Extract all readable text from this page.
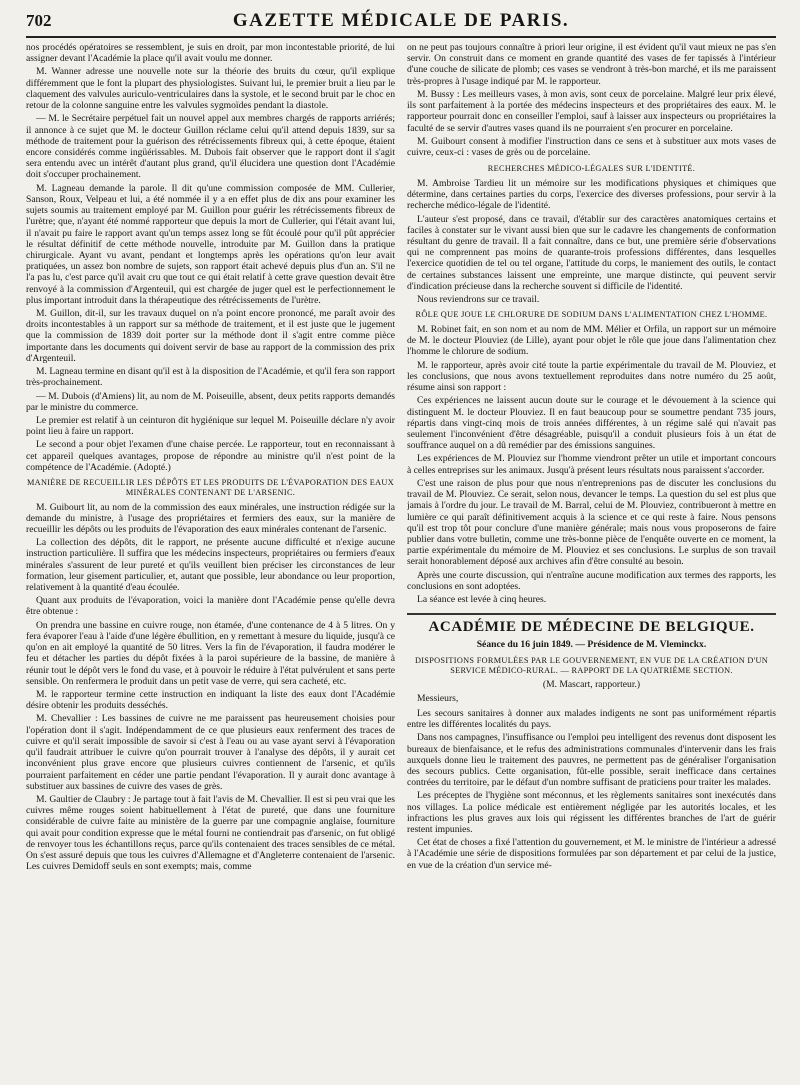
702	GAZETTE MÉDICALE DE PARIS.

nos procédés opératoires se ressemblent, je suis en droit, par mon incontestable priorité, de lui assigner devant l'Académie la place qu'il avait voulu me donner.

M. Wanner adresse une nouvelle note sur la théorie des bruits du cœur, qu'il explique différemment que le font la plupart des physiologistes. Suivant lui, le premier bruit a lieu par le claquement des valvules auriculo-ventriculaires dans la systole, et le second bruit par le choc en retour de la colonne sanguine entre les valvules sygmoïdes pendant la diastole.

— M. le Secrétaire perpétuel fait un nouvel appel aux membres chargés de rapports arriérés; il annonce à ce sujet que M. le docteur Guillon réclame celui qu'il attend depuis 1839, sur sa méthode de traitement pour la guérison des rétrécissements fibreux qui, à cette époque, étaient encore considérés comme ingüérissables. M. Dubois fait observer que le rapport dont il s'agit sera entendu avec un intérêt d'autant plus grand, qu'il élucidera une question dont l'Académie doit s'occuper prochainement.

M. Lagneau demande la parole. Il dit qu'une commission composée de MM. Cullerier, Sanson, Roux, Velpeau et lui, a été nommée il y a en effet plus de dix ans pour examiner les sujets soumis au traitement employé par M. Guillon pour guérir les rétrécissements fibreux de l'urètre; que, n'ayant été nommé rapporteur que depuis la mort de Cullerier, qui l'était avant lui, il n'avait pu faire le rapport avant qu'un temps assez long se fût écoulé pour qu'il pût apprécier le résultat définitif de cette méthode nouvelle, introduite par M. Guillon dans la pratique chirurgicale. Ayant vu avant, pendant et longtemps après les opérations qu'on leur avait pratiquées, un assez bon nombre de sujets, son rapport était achevé depuis plus d'un an. S'il ne l'a pas lu, c'est parce qu'il avait cru que tout ce qui était relatif à cette grave question devait être renvoyé à la commission d'Argenteuil, qui est chargée de juger quel est le perfectionnement le plus important introduit dans la thérapeutique des rétrécissements de l'urètre.

M. Guillon, dit-il, sur les travaux duquel on n'a point encore prononcé, me paraît avoir des droits incontestables à un rapport sur sa méthode de traitement, et il est juste que le jugement que la commission de 1839 doit porter sur la méthode dont il s'agit entre comme pièce importante dans les documents qui doivent servir de base au rapport de la commission des prix d'Argenteuil.

M. Lagneau termine en disant qu'il est à la disposition de l'Académie, et qu'il fera son rapport très-prochainement.

— M. Dubois (d'Amiens) lit, au nom de M. Poiseuille, absent, deux petits rapports demandés par le ministre du commerce.

Le premier est relatif à un ceinturon dit hygiénique sur lequel M. Poiseuille déclare n'y avoir point lieu à faire un rapport.

Le second a pour objet l'examen d'une chaise percée. Le rapporteur, tout en reconnaissant à cet appareil quelques avantages, propose de répondre au ministre qu'il n'est point de la compétence de l'Académie. (Adopté.)

MANIÈRE DE RECUEILLIR LES DÉPÔTS ET LES PRODUITS DE L'ÉVAPORATION DES EAUX MINÉRALES CONTENANT DE L'ARSENIC.

M. Guibourt lit, au nom de la commission des eaux minérales, une instruction rédigée sur la demande du ministre, à l'usage des propriétaires et fermiers des eaux, sur la manière de recueillir les dépôts ou les produits de l'évaporation des eaux minérales contenant de l'arsenic.

La collection des dépôts, dit le rapport, ne présente aucune difficulté et n'exige aucune instruction particulière. Il suffira que les médecins inspecteurs, propriétaires ou fermiers d'eaux minérales s'assurent de leur pureté et qu'ils veuillent bien préciser les circonstances de leur formation, leur gisement particulier, et, autant que possible, leur abondance ou leur proportion, relativement à la quantité d'eau écoulée.

Quant aux produits de l'évaporation, voici la manière dont l'Académie pense qu'elle devra être obtenue :

On prendra une bassine en cuivre rouge, non étamée, d'une contenance de 4 à 5 litres. On y fera évaporer l'eau à l'aide d'une légère ébullition, en y remettant à mesure du liquide, jusqu'à ce qu'on en ait employé la quantité de 50 litres. Vers la fin de l'évaporation, il faudra modérer le feu et détacher les parties du dépôt fixées à la paroi supérieure de la bassine, de manière à réunir tout le dépôt vers le fond du vase, et à pouvoir le réduire à l'état pulvérulent et sans perte sensible. On renfermera le produit dans un petit vase de verre, qui sera cacheté, etc.

M. le rapporteur termine cette instruction en indiquant la liste des eaux dont l'Académie désire obtenir les produits desséchés.

M. Chevallier : Les bassines de cuivre ne me paraissent pas heureusement choisies pour l'opération dont il s'agit. Indépendamment de ce que plusieurs eaux renferment des traces de cuivre et qu'il serait impossible de savoir si c'est à l'eau ou au vase ayant servi à l'évaporation qu'il faudrait attribuer le cuivre qu'on pourrait trouver à l'analyse des dépôts, il y aurait cet inconvénient plus grave encore que plusieurs cuivres contiennent de l'arsenic, et qu'ils pourraient parfaitement en céder une partie pendant l'évaporation. Il y aurait donc avantage à substituer aux bassines de cuivre des vases de grès.

M. Gaultier de Claubry : Je partage tout à fait l'avis de M. Chevallier. Il est si peu vrai que les cuivres même rouges soient habituellement à l'état de pureté, que dans une fourniture considérable de cuivre faite au ministère de la guerre par une compagnie anglaise, fourniture qui avait pour condition expresse que le métal fourni ne contiendrait pas d'arsenic, on fut obligé de renvoyer tous les échantillons reçus, parce qu'ils contenaient des traces sensibles de ce métal. On s'est assuré depuis que tous les cuivres d'Allemagne et d'Angleterre contenaient de l'arsenic. Les cuivres Demidoff seuls en sont exempts; mais, comme

on ne peut pas toujours connaître à priori leur origine, il est évident qu'il vaut mieux ne pas s'en servir. On construit dans ce moment en grande quantité des vases de fer tapissés à l'intérieur d'une couche de silicate de plomb; ces vases se vendront à très-bon marché, et ils me paraissent très-propres à l'usage indiqué par M. le rapporteur.

M. Bussy : Les meilleurs vases, à mon avis, sont ceux de porcelaine. Malgré leur prix élevé, ils sont parfaitement à la portée des médecins inspecteurs et des propriétaires des eaux. M. le rapporteur pourrait donc en conseiller l'emploi, sauf à laisser aux inspecteurs ou propriétaires la faculté de se servir d'autres vases quand ils ne pourraient s'en procurer en porcelaine.

M. Guibourt consent à modifier l'instruction dans ce sens et à substituer aux mots vases de cuivre, ceux-ci : vases de grès ou de porcelaine.

RECHERCHES MÉDICO-LÉGALES SUR L'IDENTITÉ.

M. Ambroise Tardieu lit un mémoire sur les modifications physiques et chimiques que détermine, dans certaines parties du corps, l'exercice des diverses professions, pour servir à la recherche médico-légale de l'identité.

L'auteur s'est proposé, dans ce travail, d'établir sur des caractères anatomiques certains et faciles à constater sur le vivant aussi bien que sur le cadavre les changements de conformation résultant du genre de travail. Il a fait connaître, dans ce but, une première série d'observations qui ne comprennent pas moins de quarante-trois professions différentes, dans lesquelles l'exercice quotidien de tel ou tel organe, l'attitude du corps, le maniement des outils, le contact de certaines substances laissent une empreinte, une marque distincte, qui peuvent servir d'indication précieuse dans la recherche souvent si difficile de l'identité.

Nous reviendrons sur ce travail.

RÔLE QUE JOUE LE CHLORURE DE SODIUM DANS L'ALIMENTATION CHEZ L'HOMME.

M. Robinet fait, en son nom et au nom de MM. Mélier et Orfila, un rapport sur un mémoire de M. le docteur Plouviez (de Lille), ayant pour objet le rôle que joue dans l'alimentation chez l'homme le chlorure de sodium.

M. le rapporteur, après avoir cité toute la partie expérimentale du travail de M. Plouviez, et les conclusions, que nous avons textuellement reproduites dans notre numéro du 25 août, résume ainsi son rapport :

Ces expériences ne laissent aucun doute sur le courage et le dévouement à la science qui distinguent M. le docteur Plouviez. Il en faut beaucoup pour se soumettre pendant 735 jours, répartis dans vingt-cinq mois de trois années différentes, à un régime salé qui n'avait pas seulement l'inconvénient d'être désagréable, puisqu'il a conduit plusieurs fois à un état de souffrance auquel on a dû remédier par des émissions sanguines.

Les expériences de M. Plouviez sur l'homme viendront prêter un utile et important concours à celles entreprises sur les animaux. Jusqu'à présent leurs résultats nous paraissent s'accorder.

C'est une raison de plus pour que nous n'entreprenions pas de discuter les conclusions du travail de M. Plouviez. Ce serait, selon nous, devancer le temps. La question du sel est plus que jamais à l'ordre du jour. Le travail de M. Barral, celui de M. Plouviez, contribueront à mettre en lumière ce qui paraît définitivement acquis à la science et ce qui reste à faire. Nous pensons qu'il est trop tôt pour conclure d'une manière générale; mais nous vous proposerons de faire publier dans votre bulletin, comme une très-bonne pièce de l'enquête ouverte en ce moment, la partie expérimentale du mémoire de M. Plouviez et ses conclusions. Le surplus de son travail serait honorablement déposé aux archives afin d'être consulté au besoin.

Après une courte discussion, qui n'entraîne aucune modification aux termes des rapports, les conclusions en sont adoptées.

La séance est levée à cinq heures.

ACADÉMIE DE MÉDECINE DE BELGIQUE.
Séance du 16 juin 1849. — Présidence de M. Vleminckx.
DISPOSITIONS FORMULÉES PAR LE GOUVERNEMENT, EN VUE DE LA CRÉATION D'UN SERVICE MÉDICO-RURAL. — RAPPORT DE LA QUATRIÈME SECTION.

(M. Mascart, rapporteur.)

Messieurs,

Les secours sanitaires à donner aux malades indigents ne sont pas uniformément répartis entre les différentes localités du pays.

Dans nos campagnes, l'insuffisance ou l'emploi peu intelligent des revenus dont disposent les bureaux de bienfaisance, et le refus des administrations communales d'intervenir dans les frais auxquels donne lieu le traitement des pauvres, ne permettent pas de généraliser l'organisation des secours publics. Cette organisation, fût-elle possible, serait inefficace dans certaines contrées du territoire, par le défaut d'un nombre suffisant de praticiens pour traiter les malades.

Les préceptes de l'hygiène sont méconnus, et les règlements sanitaires sont inexécutés dans nos villages. La police médicale est entièrement négligée par les autorités locales, et les infractions les plus graves aux lois qui régissent les différentes branches de l'art de guérir restent impunies.

Cet état de choses a fixé l'attention du gouvernement, et M. le ministre de l'intérieur a adressé à l'Académie une série de dispositions formulées par son département et par celui de la justice, en vue de la création d'un service mé-
